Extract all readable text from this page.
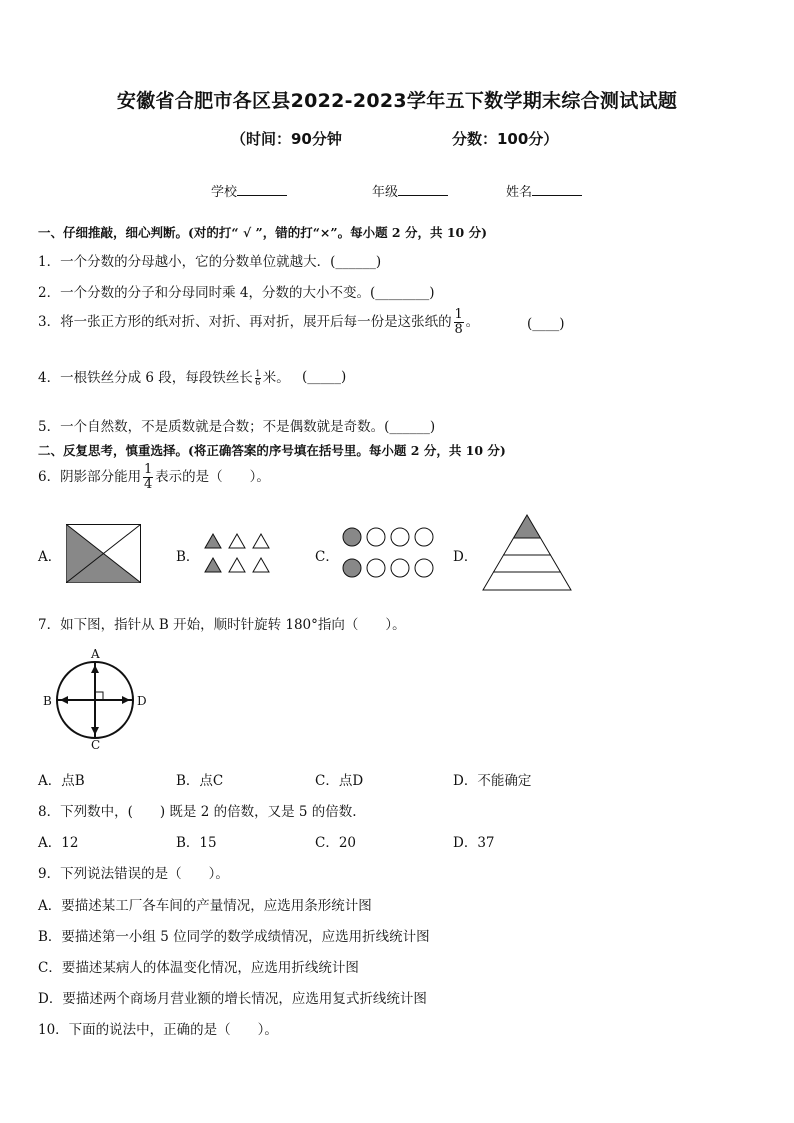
安徽省合肥市各区县2022-2023学年五下数学期末综合测试试题
（时间：90分钟	分数：100分）
学校	年级	姓名
一、仔细推敲，细心判断。(对的打“ √ ”，错的打“×”。每小题 2 分，共 10 分)
1．一个分数的分母越小，它的分数单位就越大．(______)
2．一个分数的分子和分母同时乘 4，分数的大小不变。(________)
3．将一张正方形的纸对折、对折、再对折，展开后每一份是这张纸的 $\frac{1}{8}$ 。	(____)
4．一根铁丝分成 6 段，每段铁丝长 $\frac{1}{6}$ 米。 (_____)
5．一个自然数，不是质数就是合数；不是偶数就是奇数。(______)
二、反复思考，慎重选择。(将正确答案的序号填在括号里。每小题 2 分，共 10 分)
6．阴影部分能用 $\frac{1}{4}$ 表示的是（　　）。
A．	B．	C．	D．
7．如下图，指针从 B 开始，顺时针旋转 180°指向（　　）。
A
B	D
C
A．点B	B．点C	C．点D	D．不能确定
8．下列数中，(　　) 既是 2 的倍数，又是 5 的倍数.
A．12	B．15	C．20	D．37
9．下列说法错误的是（　　）。
A．要描述某工厂各车间的产量情况，应选用条形统计图
B．要描述第一小组 5 位同学的数学成绩情况，应选用折线统计图
C．要描述某病人的体温变化情况，应选用折线统计图
D．要描述两个商场月营业额的增长情况，应选用复式折线统计图
10．下面的说法中，正确的是（　　）。
